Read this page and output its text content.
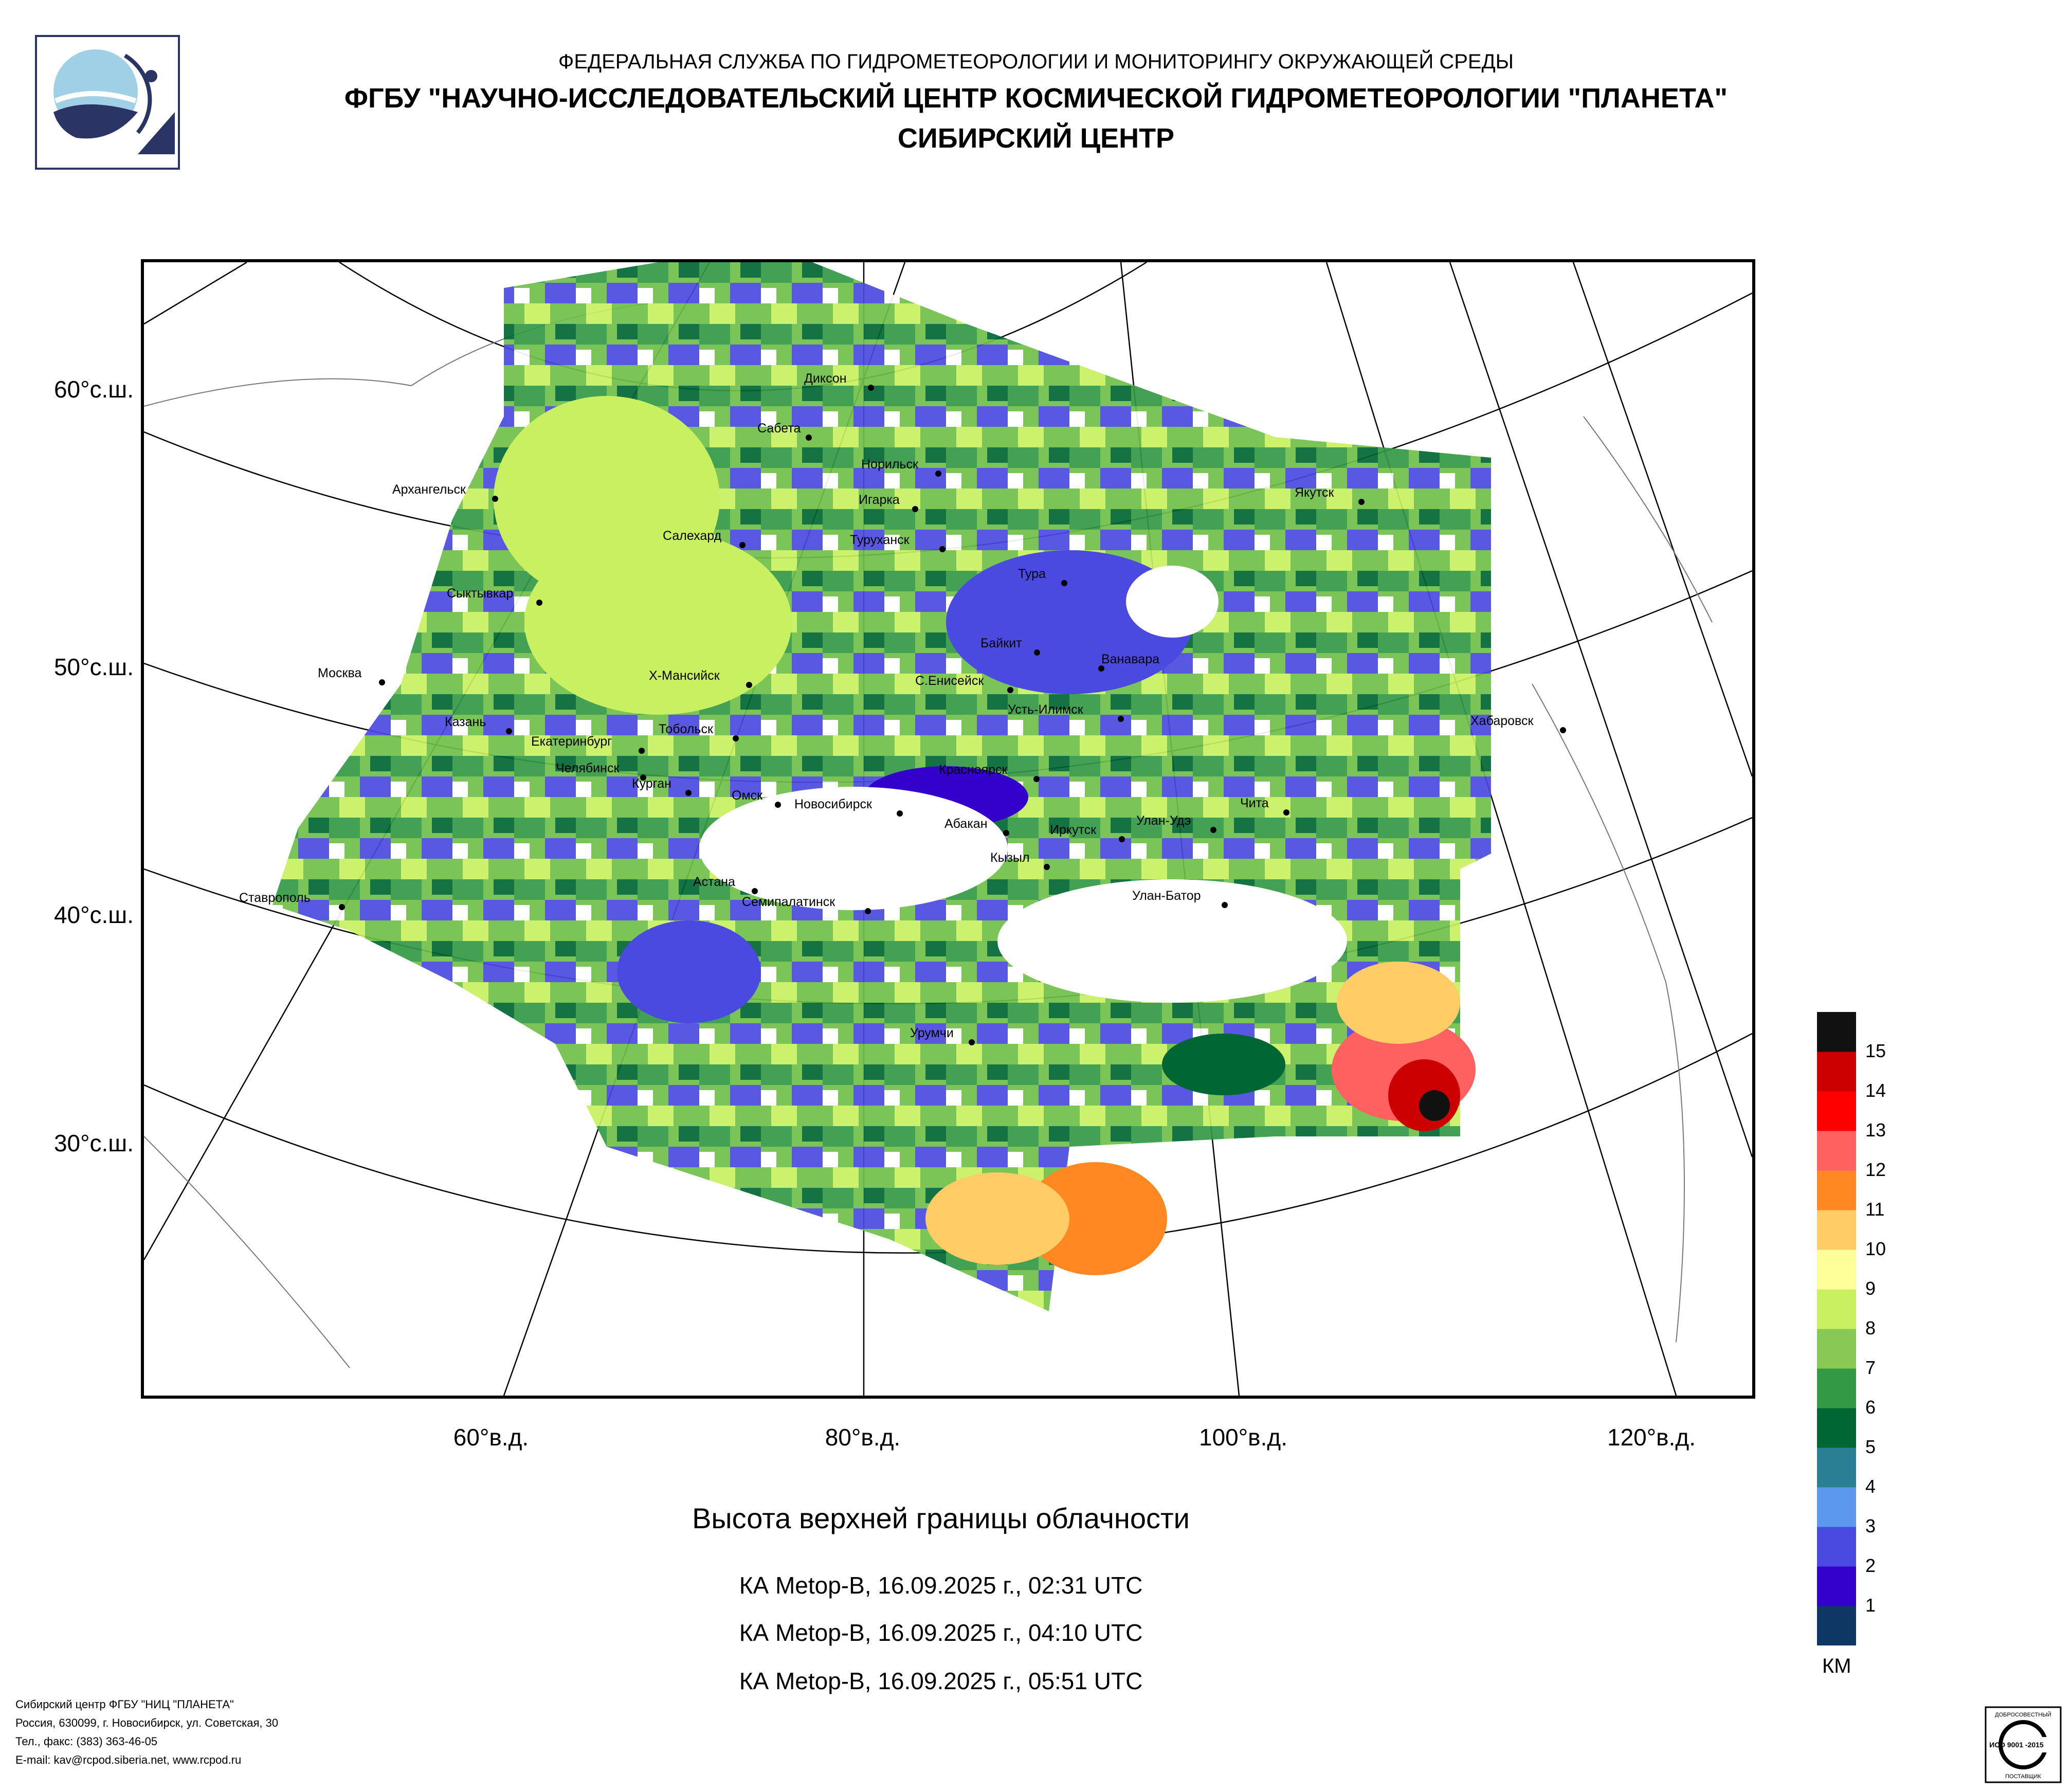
ФЕДЕРАЛЬНАЯ СЛУЖБА ПО ГИДРОМЕТЕОРОЛОГИИ И МОНИТОРИНГУ ОКРУЖАЮЩЕЙ СРЕДЫ
ФГБУ "НАУЧНО-ИССЛЕДОВАТЕЛЬСКИЙ ЦЕНТР КОСМИЧЕСКОЙ ГИДРОМЕТЕОРОЛОГИИ "ПЛАНЕТА"
СИБИРСКИЙ ЦЕНТР
Диксон
Сабета
Норильск
Игарка
Архангельск
Салехард	Туруханск
Тура
Якутск
Сыктывкар
Байкит
Ванавара
Москва	Х-Мансийск	С.Енисейск
Усть-Илимск
Хабаровск
Казань	Тобольск
Екатеринбург
Красноярск
Челябинск
Курган
Омск
Чита
Новосибирск
Абакан	Улан-Удэ
Иркутск
Кызыл
Астана
Ставрополь	Семипалатинск	Улан-Батор
Урумчи
60°с.ш.
50°с.ш.
40°с.ш.
30°с.ш.
60°в.д.	80°в.д.	100°в.д.	120°в.д.
15
14
13
12
11
10
9
8
7
6
5
4
3
2
1
КМ
Высота верхней границы облачности
КА Metop-B, 16.09.2025 г., 02:31 UTC
КА Metop-B, 16.09.2025 г., 04:10 UTC
КА Metop-B, 16.09.2025 г., 05:51 UTC
Сибирский центр ФГБУ "НИЦ "ПЛАНЕТА"
Россия, 630099, г. Новосибирск, ул. Советская, 30
Тел., факс: (383) 363-46-05
E-mail: kav@rcpod.siberia.net, www.rcpod.ru
ДОБРОСОВЕСТНЫЙ
ИСО 9001 -2015
ПОСТАВЩИК
